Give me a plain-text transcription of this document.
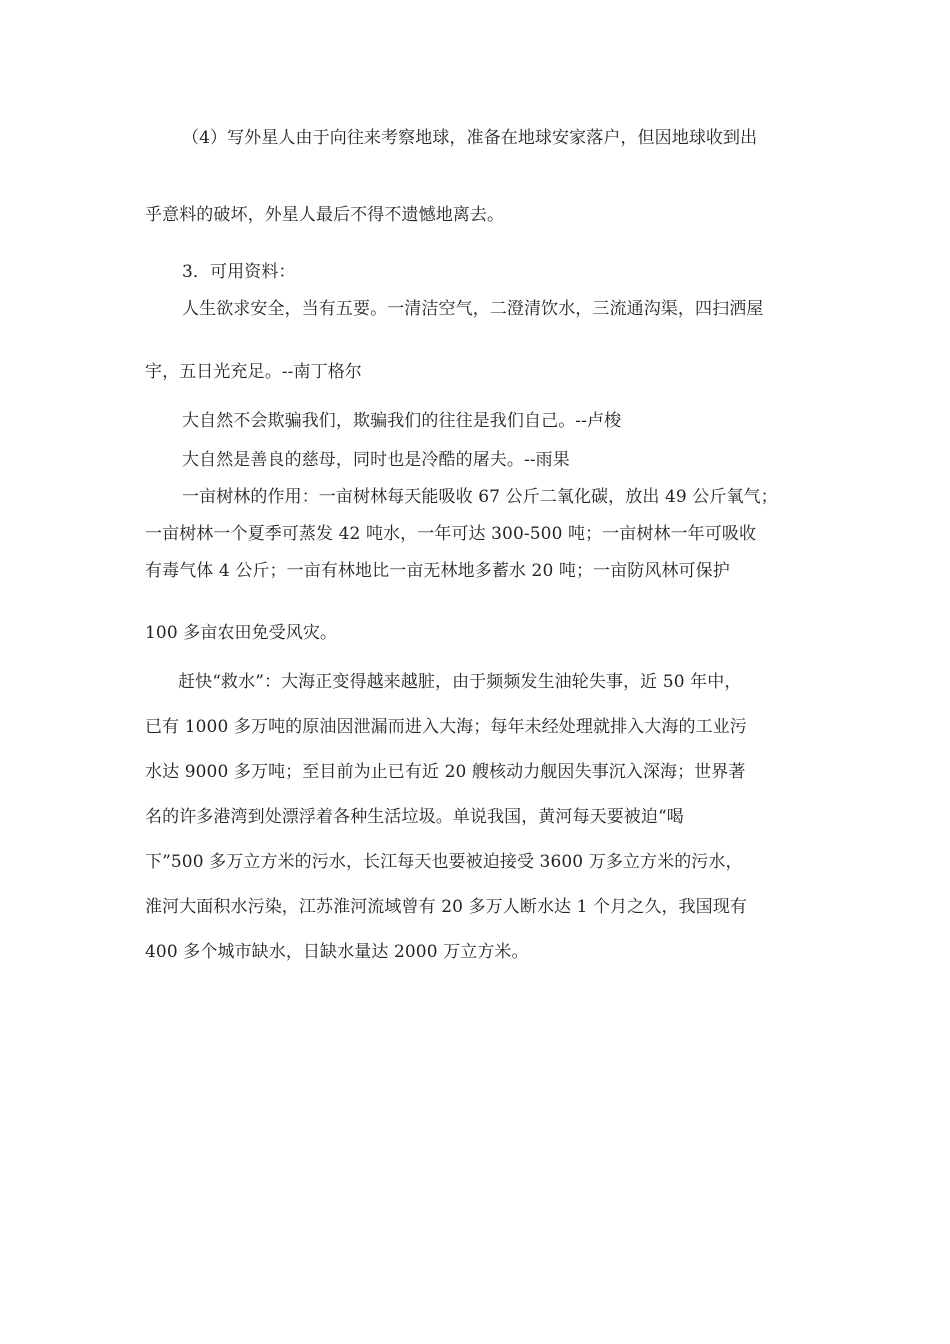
（4）写外星人由于向往来考察地球，准备在地球安家落户，但因地球收到出
乎意料的破坏，外星人最后不得不遗憾地离去。
3．可用资料：
人生欲求安全，当有五要。一清洁空气，二澄清饮水，三流通沟渠，四扫洒屋
宇，五日光充足。--南丁格尔
大自然不会欺骗我们，欺骗我们的往往是我们自己。--卢梭
大自然是善良的慈母，同时也是冷酷的屠夫。--雨果
一亩树林的作用：一亩树林每天能吸收 67 公斤二氧化碳，放出 49 公斤氧气；
一亩树林一个夏季可蒸发 42 吨水，一年可达 300-500 吨；一亩树林一年可吸收
有毒气体 4 公斤；一亩有林地比一亩无林地多蓄水 20 吨；一亩防风林可保护
100 多亩农田免受风灾。
赶快“救水”：大海正变得越来越脏，由于频频发生油轮失事，近 50 年中，
已有 1000 多万吨的原油因泄漏而进入大海；每年未经处理就排入大海的工业污
水达 9000 多万吨；至目前为止已有近 20 艘核动力舰因失事沉入深海；世界著
名的许多港湾到处漂浮着各种生活垃圾。单说我国，黄河每天要被迫“喝
下”500 多万立方米的污水，长江每天也要被迫接受 3600 万多立方米的污水，
淮河大面积水污染，江苏淮河流域曾有 20 多万人断水达 1 个月之久，我国现有
400 多个城市缺水，日缺水量达 2000 万立方米。
